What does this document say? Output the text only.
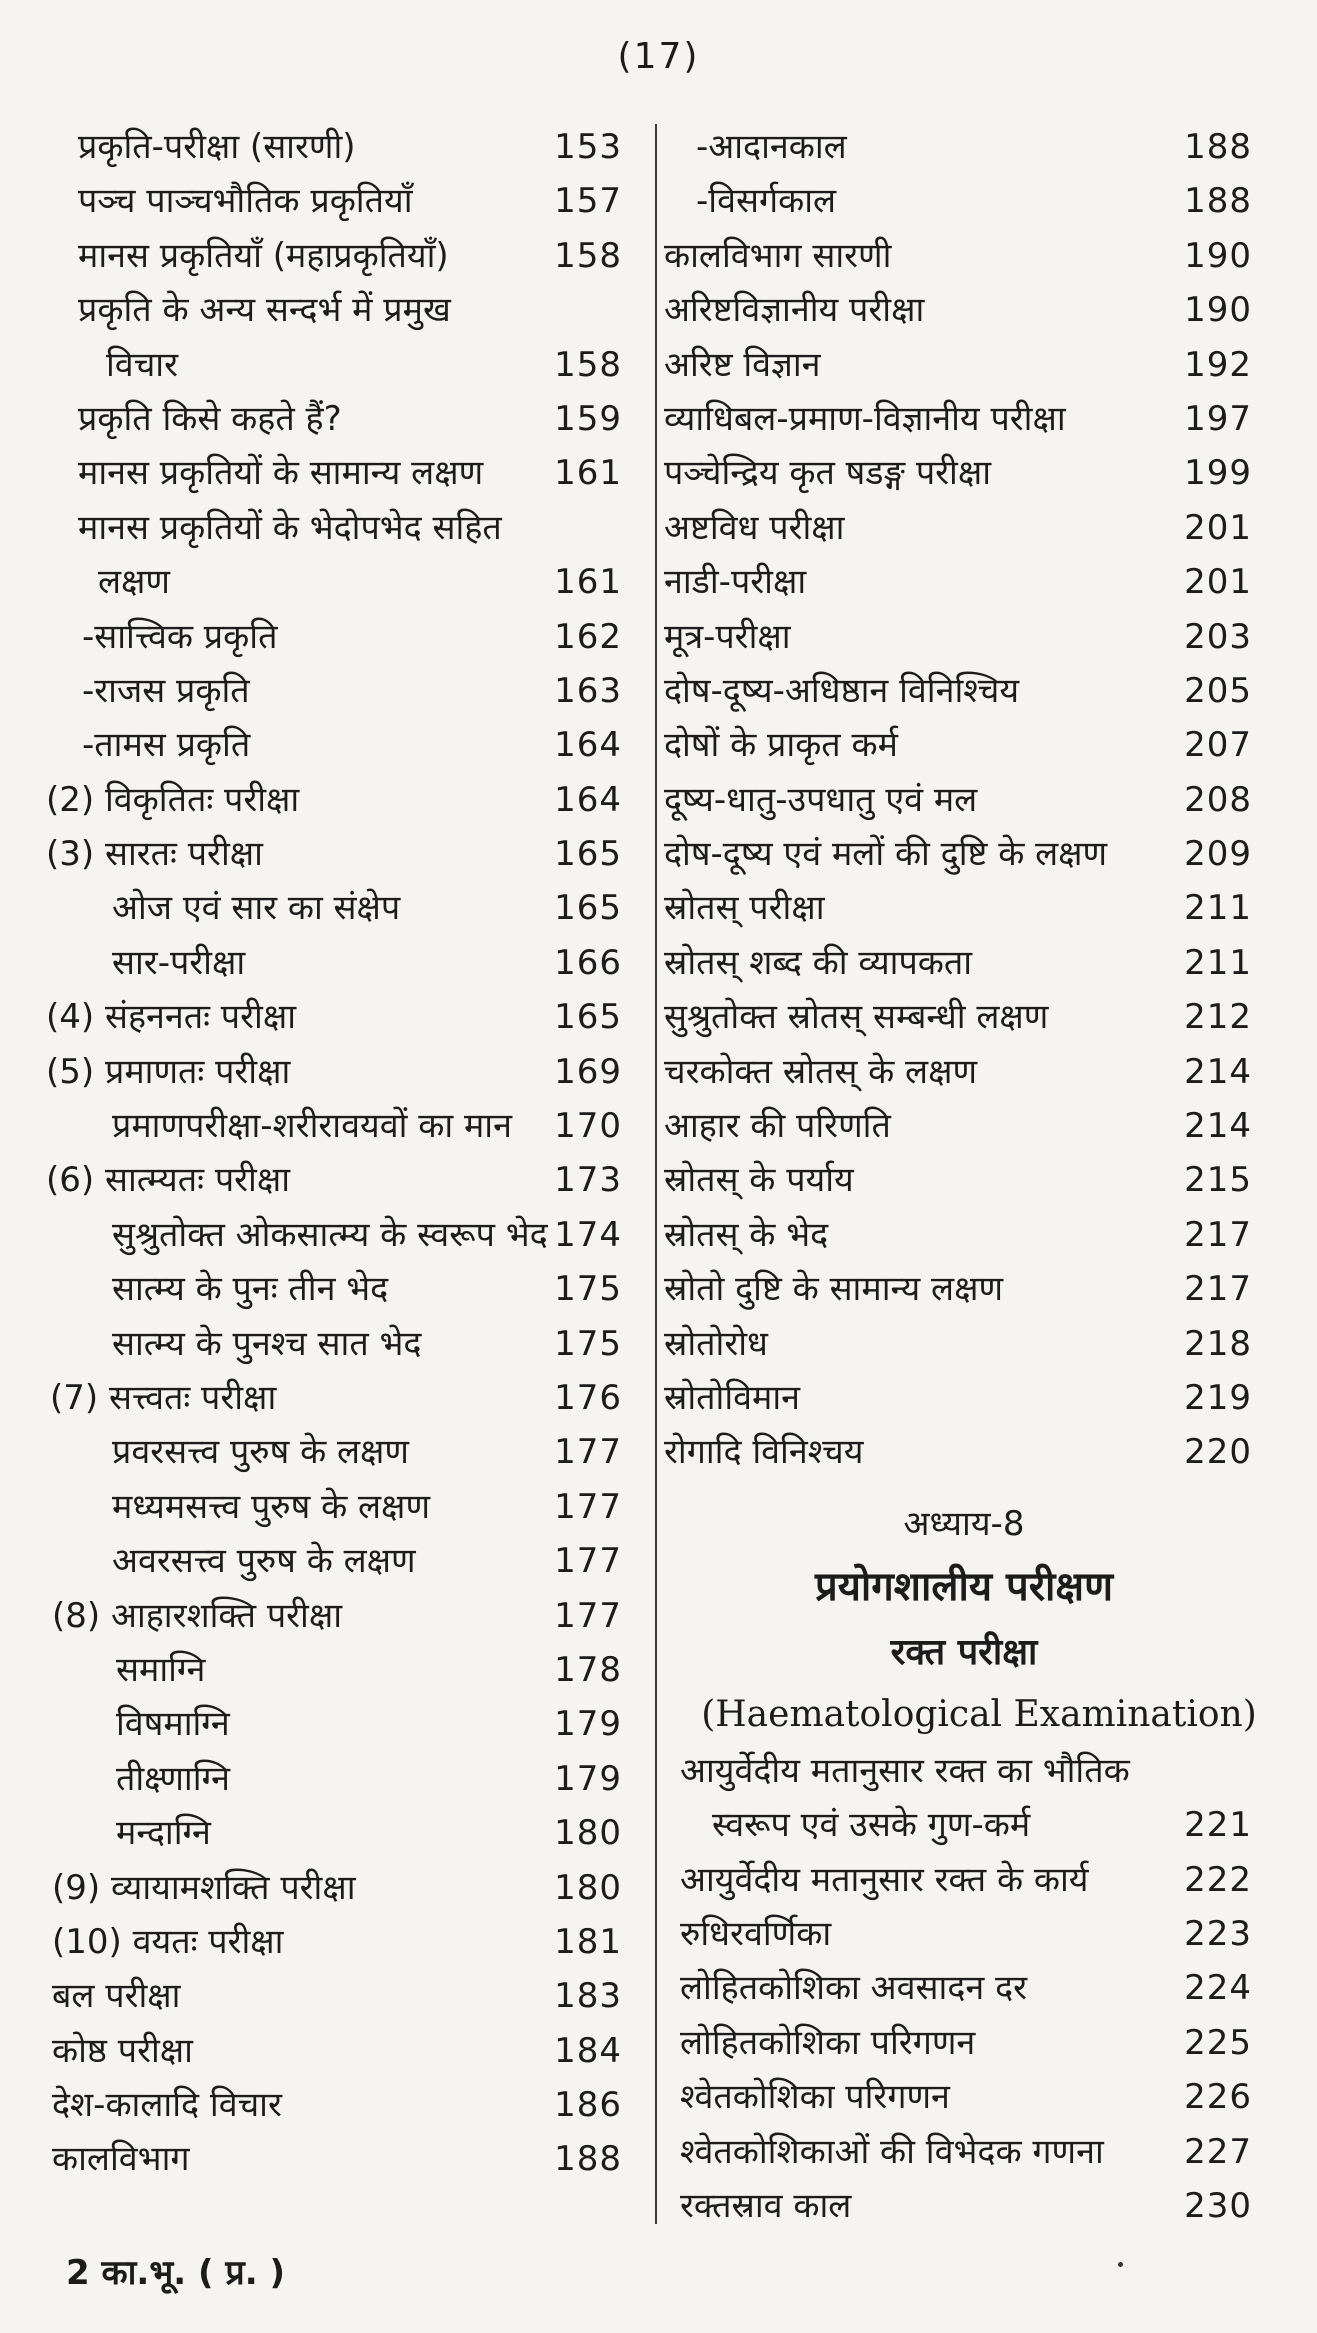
(17)
प्रकृति-परीक्षा (सारणी)	153
पञ्च पाञ्चभौतिक प्रकृतियाँ	157
मानस प्रकृतियाँ (महाप्रकृतियाँ)	158
प्रकृति के अन्य सन्दर्भ में प्रमुख
विचार	158
प्रकृति किसे कहते हैं?	159
मानस प्रकृतियों के सामान्य लक्षण 161
मानस प्रकृतियों के भेदोपभेद सहित
लक्षण	161
-सात्त्विक प्रकृति	162
-राजस प्रकृति	163
-तामस प्रकृति	164
(2) विकृतितः परीक्षा	164
(3) सारतः परीक्षा	165
ओज एवं सार का संक्षेप	165
सार-परीक्षा	166
(4) संहननतः परीक्षा	165
(5) प्रमाणतः परीक्षा	169
प्रमाणपरीक्षा-शरीरावयवों का मान 170
(6) सात्म्यतः परीक्षा	173
सुश्रुतोक्त ओकसात्म्य के स्वरूप भेद 174
सात्म्य के पुनः तीन भेद	175
सात्म्य के पुनश्च सात भेद	175
(7) सत्त्वतः परीक्षा	176
प्रवरसत्त्व पुरुष के लक्षण	177
मध्यमसत्त्व पुरुष के लक्षण	177
अवरसत्त्व पुरुष के लक्षण	177
(8) आहारशक्ति परीक्षा	177
समाग्नि	178
विषमाग्नि	179
तीक्ष्णाग्नि	179
मन्दाग्नि	180
(9) व्यायामशक्ति परीक्षा	180
(10) वयतः परीक्षा	181
बल परीक्षा	183
कोष्ठ परीक्षा	184
देश-कालादि विचार	186
कालविभाग	188
-आदानकाल	188
-विसर्गकाल	188
कालविभाग सारणी	190
अरिष्टविज्ञानीय परीक्षा	190
अरिष्ट विज्ञान	192
व्याधिबल-प्रमाण-विज्ञानीय परीक्षा	197
पञ्चेन्द्रिय कृत षडङ्ग परीक्षा	199
अष्टविध परीक्षा	201
नाडी-परीक्षा	201
मूत्र-परीक्षा	203
दोष-दूष्य-अधिष्ठान विनिश्चिय	205
दोषों के प्राकृत कर्म	207
दूष्य-धातु-उपधातु एवं मल	208
दोष-दूष्य एवं मलों की दुष्टि के लक्षण 209
स्रोतस् परीक्षा	211
स्रोतस् शब्द की व्यापकता	211
सुश्रुतोक्त स्रोतस् सम्बन्धी लक्षण	212
चरकोक्त स्रोतस् के लक्षण	214
आहार की परिणति	214
स्रोतस् के पर्याय	215
स्रोतस् के भेद	217
स्रोतो दुष्टि के सामान्य लक्षण	217
स्रोतोरोध	218
स्रोतोविमान	219
रोगादि विनिश्चय	220
अध्याय-8
प्रयोगशालीय परीक्षण
रक्त परीक्षा
(Haematological Examination)
आयुर्वेदीय मतानुसार रक्त का भौतिक
स्वरूप एवं उसके गुण-कर्म	221
आयुर्वेदीय मतानुसार रक्त के कार्य	222
रुधिरवर्णिका	223
लोहितकोशिका अवसादन दर	224
लोहितकोशिका परिगणन	225
श्वेतकोशिका परिगणन	226
श्वेतकोशिकाओं की विभेदक गणना 227
रक्तस्राव काल	230
2 का.भू. ( प्र. )
